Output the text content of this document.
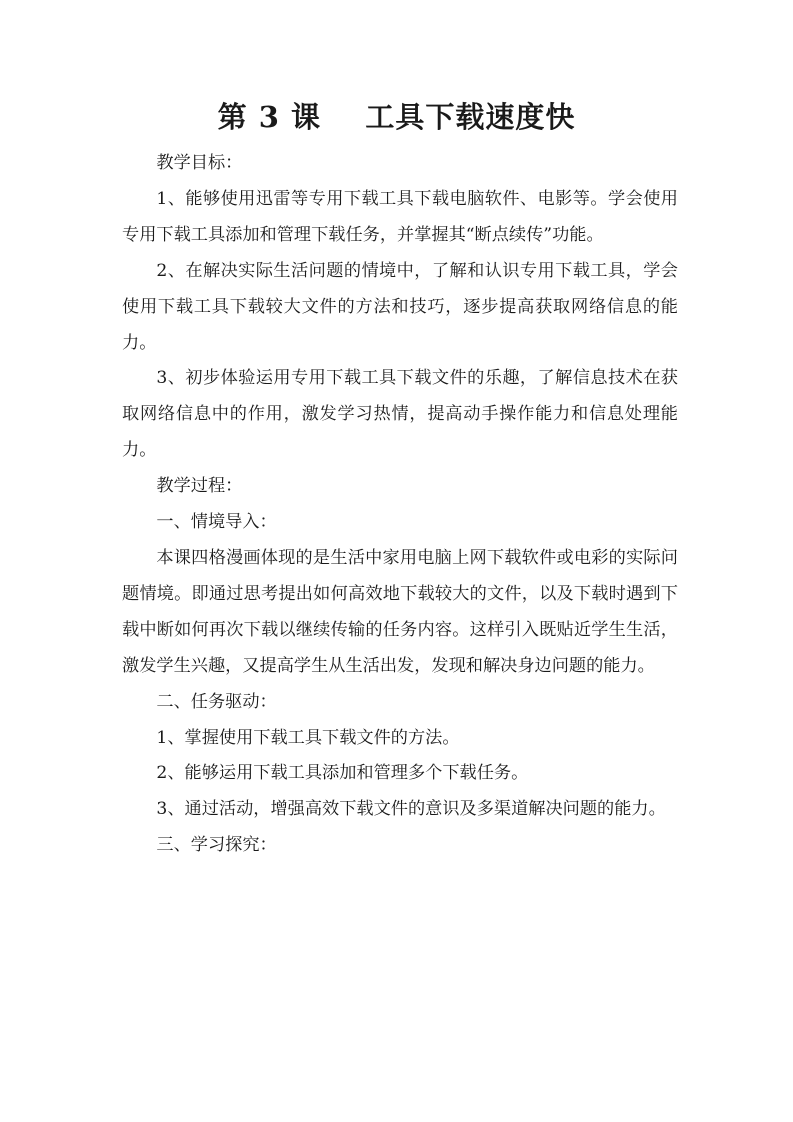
第 3 课    工具下载速度快

教学目标：

1、能够使用迅雷等专用下载工具下载电脑软件、电影等。学会使用专用下载工具添加和管理下载任务，并掌握其“断点续传”功能。

2、在解决实际生活问题的情境中，了解和认识专用下载工具，学会使用下载工具下载较大文件的方法和技巧，逐步提高获取网络信息的能力。

3、初步体验运用专用下载工具下载文件的乐趣，了解信息技术在获取网络信息中的作用，激发学习热情，提高动手操作能力和信息处理能力。

教学过程：

一、情境导入：

本课四格漫画体现的是生活中家用电脑上网下载软件或电彩的实际问题情境。即通过思考提出如何高效地下载较大的文件，以及下载时遇到下载中断如何再次下载以继续传输的任务内容。这样引入既贴近学生生活，激发学生兴趣，又提高学生从生活出发，发现和解决身边问题的能力。

二、任务驱动：

1、掌握使用下载工具下载文件的方法。

2、能够运用下载工具添加和管理多个下载任务。

3、通过活动，增强高效下载文件的意识及多渠道解决问题的能力。

三、学习探究：
